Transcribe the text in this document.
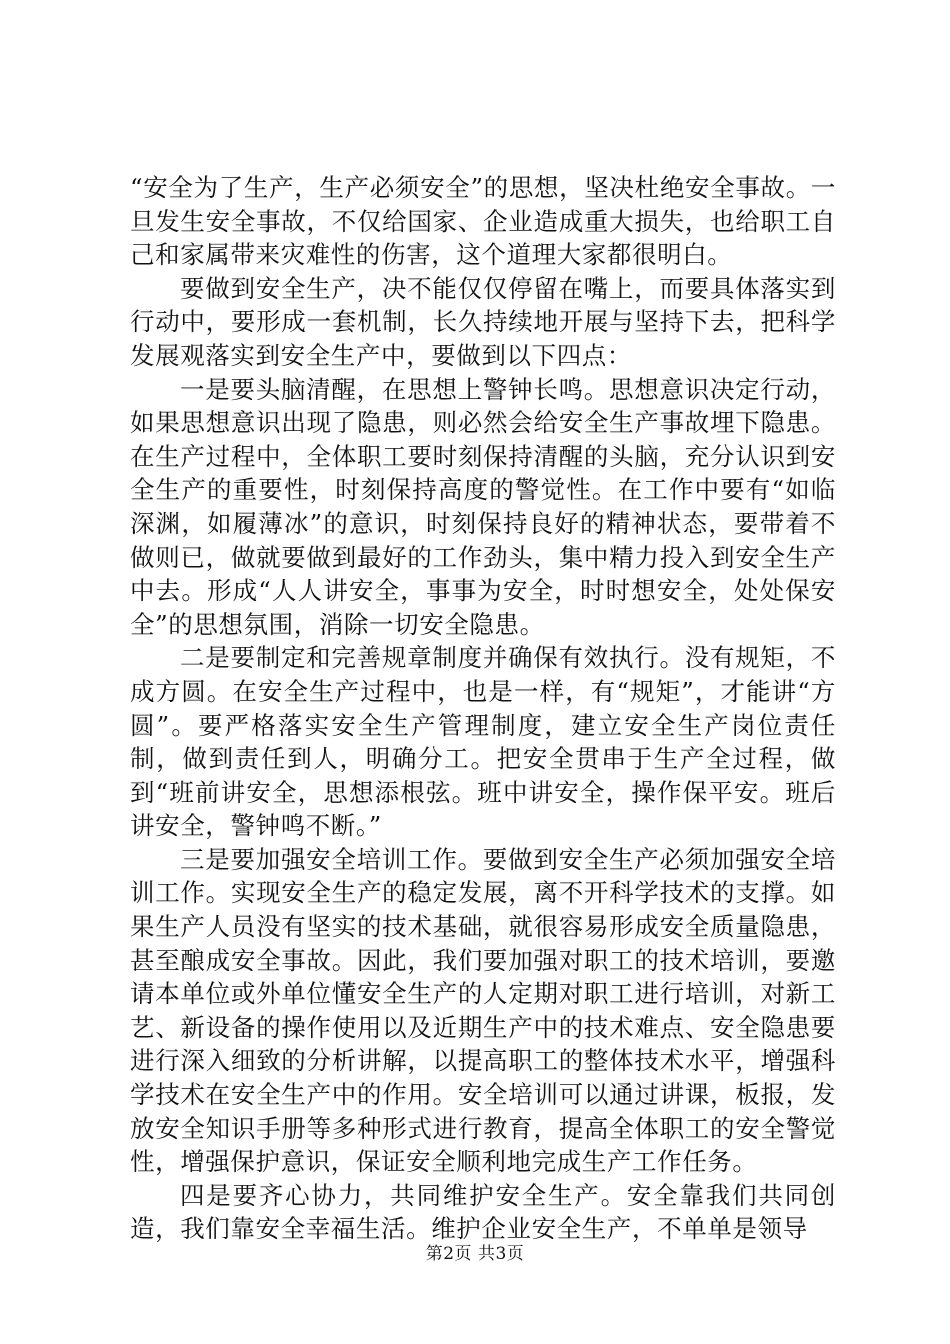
“安全为了生产，生产必须安全”的思想，坚决杜绝安全事故。一旦发生安全事故，不仅给国家、企业造成重大损失，也给职工自己和家属带来灾难性的伤害，这个道理大家都很明白。

要做到安全生产，决不能仅仅停留在嘴上，而要具体落实到行动中，要形成一套机制，长久持续地开展与坚持下去，把科学发展观落实到安全生产中，要做到以下四点：

一是要头脑清醒，在思想上警钟长鸣。思想意识决定行动，如果思想意识出现了隐患，则必然会给安全生产事故埋下隐患。在生产过程中，全体职工要时刻保持清醒的头脑，充分认识到安全生产的重要性，时刻保持高度的警觉性。在工作中要有“如临深渊，如履薄冰”的意识，时刻保持良好的精神状态，要带着不做则已，做就要做到最好的工作劲头，集中精力投入到安全生产中去。形成“人人讲安全，事事为安全，时时想安全，处处保安全”的思想氛围，消除一切安全隐患。

二是要制定和完善规章制度并确保有效执行。没有规矩，不成方圆。在安全生产过程中，也是一样，有“规矩”，才能讲“方圆”。要严格落实安全生产管理制度，建立安全生产岗位责任制，做到责任到人，明确分工。把安全贯串于生产全过程，做到“班前讲安全，思想添根弦。班中讲安全，操作保平安。班后讲安全，警钟鸣不断。”

三是要加强安全培训工作。要做到安全生产必须加强安全培训工作。实现安全生产的稳定发展，离不开科学技术的支撑。如果生产人员没有坚实的技术基础，就很容易形成安全质量隐患，甚至酿成安全事故。因此，我们要加强对职工的技术培训，要邀请本单位或外单位懂安全生产的人定期对职工进行培训，对新工艺、新设备的操作使用以及近期生产中的技术难点、安全隐患要进行深入细致的分析讲解，以提高职工的整体技术水平，增强科学技术在安全生产中的作用。安全培训可以通过讲课，板报，发放安全知识手册等多种形式进行教育，提高全体职工的安全警觉性，增强保护意识，保证安全顺利地完成生产工作任务。

四是要齐心协力，共同维护安全生产。安全靠我们共同创造，我们靠安全幸福生活。维护企业安全生产，不单单是领导

第2页 共3页
